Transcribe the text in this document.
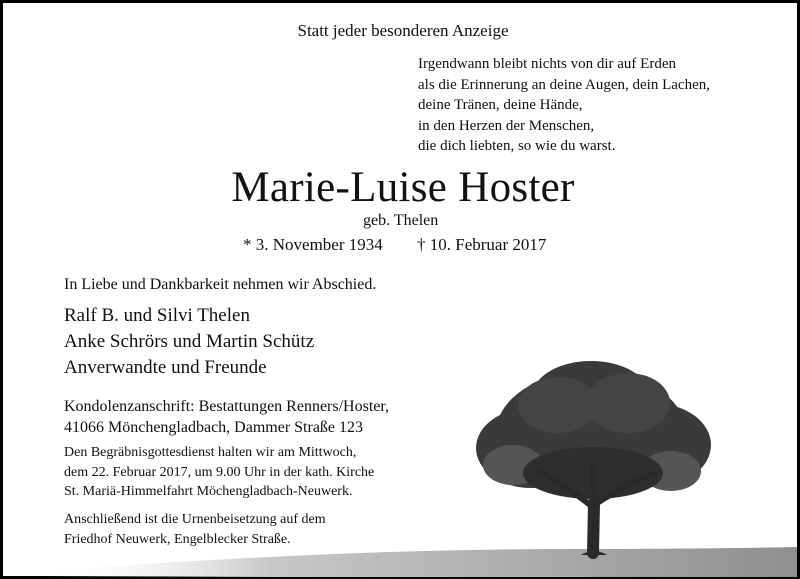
Statt jeder besonderen Anzeige
Irgendwann bleibt nichts von dir auf Erden
als die Erinnerung an deine Augen, dein Lachen,
deine Tränen, deine Hände,
in den Herzen der Menschen,
die dich liebten, so wie du warst.
Marie-Luise Hoster
geb. Thelen
* 3. November 1934 † 10. Februar 2017
In Liebe und Dankbarkeit nehmen wir Abschied.
Ralf B. und Silvi Thelen
Anke Schrörs und Martin Schütz
Anverwandte und Freunde
Kondolenzanschrift: Bestattungen Renners/Hoster,
41066 Mönchengladbach, Dammer Straße 123
Den Begräbnisgottesdienst halten wir am Mittwoch,
dem 22. Februar 2017, um 9.00 Uhr in der kath. Kirche
St. Mariä-Himmelfahrt Möchengladbach-Neuwerk.
Anschließend ist die Urnenbeisetzung auf dem
Friedhof Neuwerk, Engelblecker Straße.
